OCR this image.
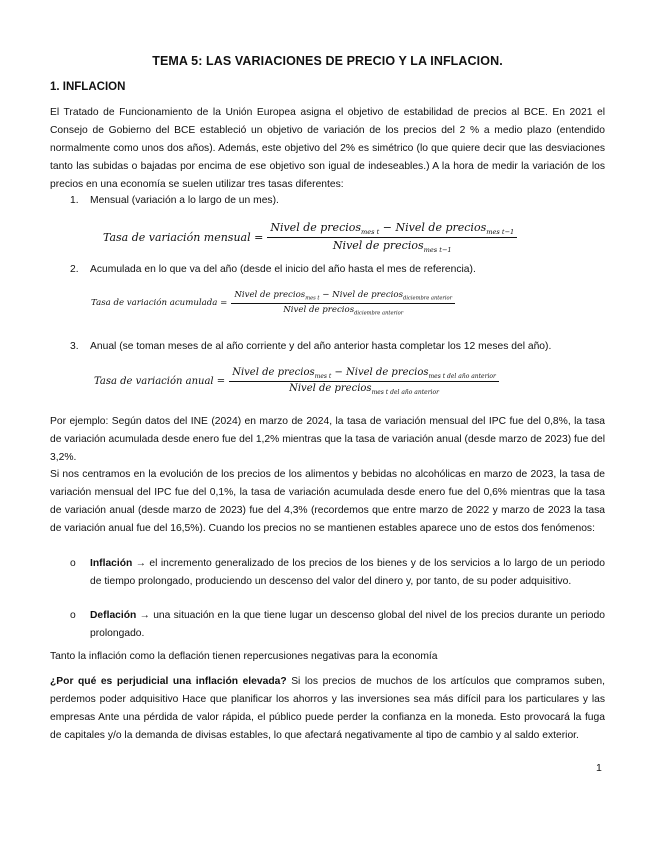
TEMA 5: LAS VARIACIONES DE PRECIO Y LA INFLACION.
1. INFLACION
El Tratado de Funcionamiento de la Unión Europea asigna el objetivo de estabilidad de precios al BCE. En 2021 el Consejo de Gobierno del BCE estableció un objetivo de variación de los precios del 2 % a medio plazo (entendido normalmente como unos dos años). Además, este objetivo del 2% es simétrico (lo que quiere decir que las desviaciones tanto las subidas o bajadas por encima de ese objetivo son igual de indeseables.) A la hora de medir la variación de los precios en una economía se suelen utilizar tres tasas diferentes:
1. Mensual (variación a lo largo de un mes).
Tasa de variación mensual = $\frac{Nivel de precios_{mes t} - Nivel de precios_{mes t-1}}{Nivel de precios_{mes t-1}}$
2. Acumulada en lo que va del año (desde el inicio del año hasta el mes de referencia).
Tasa de variación acumulada = $\frac{Nivel de precios_{mes t} - Nivel de precios_{diciembre anterior}}{Nivel de precios_{diciembre anterior}}$
3. Anual (se toman meses de al año corriente y del año anterior hasta completar los 12 meses del año).
Tasa de variación anual =
Nivel de precios$_{mes t}$ − Nivel de precios$_{mes t del año anterior}$
Nivel de precios$_{mes t del año anterior}$
Por ejemplo: Según datos del INE (2024) en marzo de 2024, la tasa de variación mensual del IPC fue del 0,8%, la tasa de variación acumulada desde enero fue del 1,2% mientras que la tasa de variación anual (desde marzo de 2023) fue del 3,2%.
Si nos centramos en la evolución de los precios de los alimentos y bebidas no alcohólicas en marzo de 2023, la tasa de variación mensual del IPC fue del 0,1%, la tasa de variación acumulada desde enero fue del 0,6% mientras que la tasa de variación anual (desde marzo de 2023) fue del 4,3% (recordemos que entre marzo de 2022 y marzo de 2023 la tasa de variación anual fue del 16,5%). Cuando los precios no se mantienen estables aparece uno de estos dos fenómenos:
o Inflación → el incremento generalizado de los precios de los bienes y de los servicios a lo largo de un periodo de tiempo prolongado, produciendo un descenso del valor del dinero y, por tanto, de su poder adquisitivo.
o Deflación → una situación en la que tiene lugar un descenso global del nivel de los precios durante un periodo prolongado.
Tanto la inflación como la deflación tienen repercusiones negativas para la economía
¿Por qué es perjudicial una inflación elevada? Si los precios de muchos de los artículos que compramos suben, perdemos poder adquisitivo Hace que planificar los ahorros y las inversiones sea más difícil para los particulares y las empresas Ante una pérdida de valor rápida, el público puede perder la confianza en la moneda. Esto provocará la fuga de capitales y/o la demanda de divisas estables, lo que afectará negativamente al tipo de cambio y al saldo exterior.
1
